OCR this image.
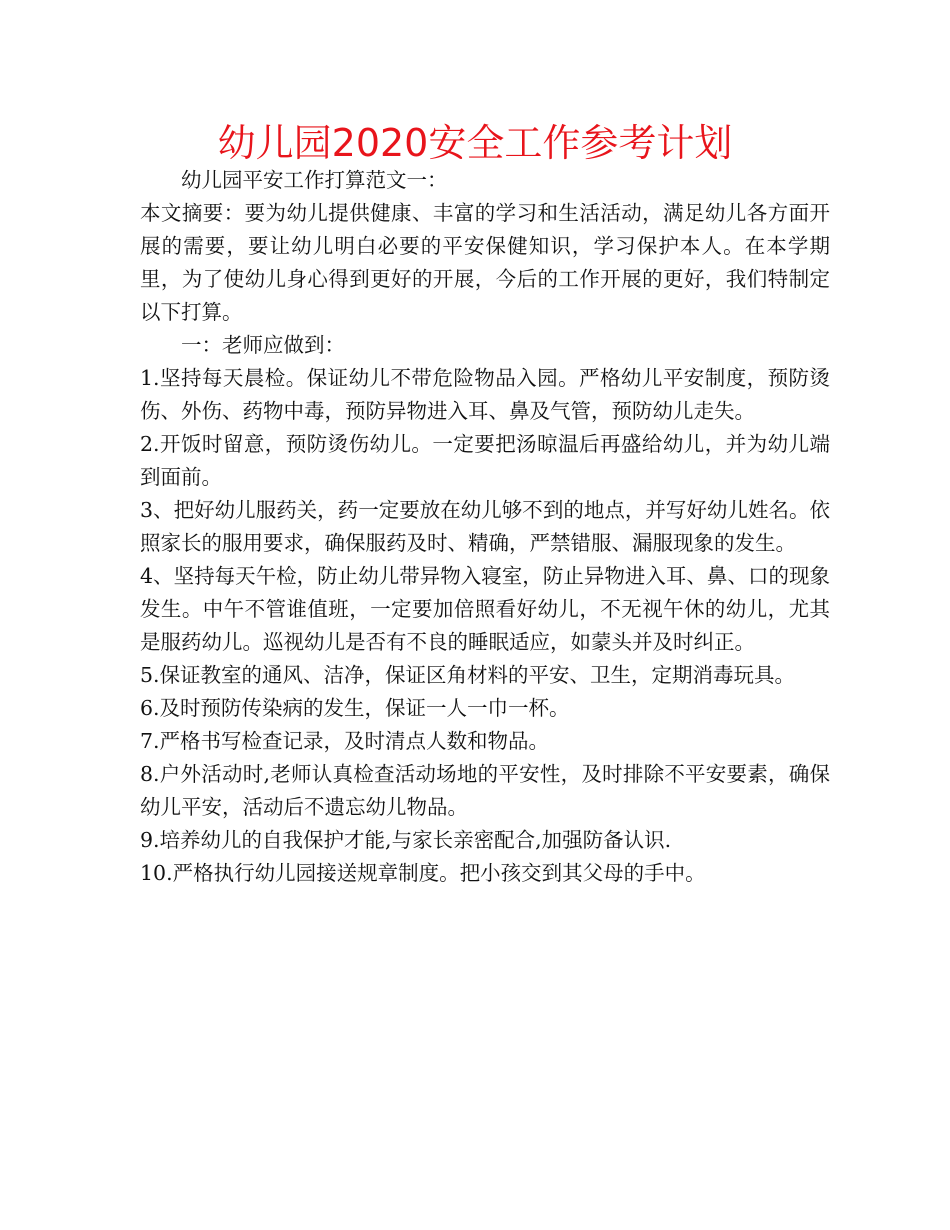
幼儿园2020安全工作参考计划

幼儿园平安工作打算范文一：

本文摘要：要为幼儿提供健康、丰富的学习和生活活动，满足幼儿各方面开展的需要，要让幼儿明白必要的平安保健知识，学习保护本人。在本学期里，为了使幼儿身心得到更好的开展，今后的工作开展的更好，我们特制定以下打算。

一：老师应做到：

1.坚持每天晨检。保证幼儿不带危险物品入园。严格幼儿平安制度，预防烫伤、外伤、药物中毒，预防异物进入耳、鼻及气管，预防幼儿走失。

2.开饭时留意，预防烫伤幼儿。一定要把汤晾温后再盛给幼儿，并为幼儿端到面前。

3、把好幼儿服药关，药一定要放在幼儿够不到的地点，并写好幼儿姓名。依照家长的服用要求，确保服药及时、精确，严禁错服、漏服现象的发生。

4、坚持每天午检，防止幼儿带异物入寝室，防止异物进入耳、鼻、口的现象发生。中午不管谁值班，一定要加倍照看好幼儿，不无视午休的幼儿，尤其是服药幼儿。巡视幼儿是否有不良的睡眠适应，如蒙头并及时纠正。

5.保证教室的通风、洁净，保证区角材料的平安、卫生，定期消毒玩具。

6.及时预防传染病的发生，保证一人一巾一杯。

7.严格书写检查记录，及时清点人数和物品。

8.户外活动时,老师认真检查活动场地的平安性，及时排除不平安要素，确保幼儿平安，活动后不遗忘幼儿物品。

9.培养幼儿的自我保护才能,与家长亲密配合,加强防备认识.

10.严格执行幼儿园接送规章制度。把小孩交到其父母的手中。
